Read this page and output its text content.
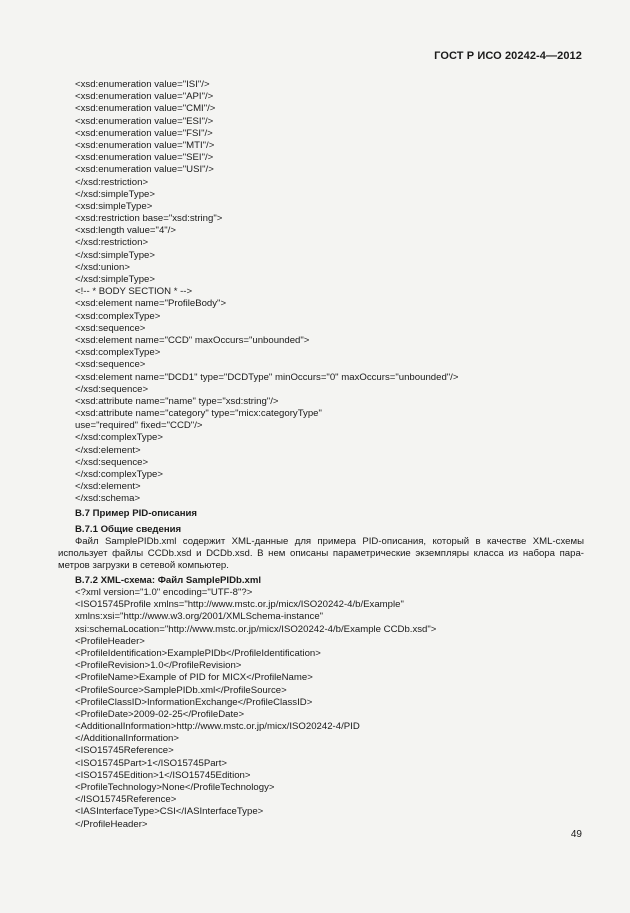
ГОСТ Р ИСО 20242-4—2012
<xsd:enumeration value="ISI"/>
<xsd:enumeration value="API"/>
<xsd:enumeration value="CMI"/>
<xsd:enumeration value="ESI"/>
<xsd:enumeration value="FSI"/>
<xsd:enumeration value="MTI"/>
<xsd:enumeration value="SEI"/>
<xsd:enumeration value="USI"/>
</xsd:restriction>
</xsd:simpleType>
<xsd:simpleType>
<xsd:restriction base="xsd:string">
<xsd:length value="4"/>
</xsd:restriction>
</xsd:simpleType>
</xsd:union>
</xsd:simpleType>
<!-- * BODY SECTION * -->
<xsd:element name="ProfileBody">
<xsd:complexType>
<xsd:sequence>
<xsd:element name="CCD" maxOccurs="unbounded">
<xsd:complexType>
<xsd:sequence>
<xsd:element name="DCD1" type="DCDType" minOccurs="0" maxOccurs="unbounded"/>
</xsd:sequence>
<xsd:attribute name="name" type="xsd:string"/>
<xsd:attribute name="category" type="micx:categoryType"
use="required" fixed="CCD"/>
</xsd:complexType>
</xsd:element>
</xsd:sequence>
</xsd:complexType>
</xsd:element>
</xsd:schema>
B.7 Пример PID-описания
B.7.1 Общие сведения
Файл SamplePIDb.xml содержит XML-данные для примера PID-описания, который в качестве XML-схемы
использует файлы CCDb.xsd и DCDb.xsd. В нем описаны параметрические экземпляры класса из набора пара-
метров загрузки в сетевой компьютер.
B.7.2 XML-схема: Файл SamplePIDb.xml
<?xml version="1.0" encoding="UTF-8"?>
<ISO15745Profile xmlns="http://www.mstc.or.jp/micx/ISO20242-4/b/Example"
xmlns:xsi="http://www.w3.org/2001/XMLSchema-instance"
xsi:schemaLocation="http://www.mstc.or.jp/micx/ISO20242-4/b/Example CCDb.xsd">
<ProfileHeader>
<ProfileIdentification>ExamplePIDb</ProfileIdentification>
<ProfileRevision>1.0</ProfileRevision>
<ProfileName>Example of PID for MICX</ProfileName>
<ProfileSource>SamplePIDb.xml</ProfileSource>
<ProfileClassID>InformationExchange</ProfileClassID>
<ProfileDate>2009-02-25</ProfileDate>
<AdditionalInformation>http://www.mstc.or.jp/micx/ISO20242-4/PID
</AdditionalInformation>
<ISO15745Reference>
<ISO15745Part>1</ISO15745Part>
<ISO15745Edition>1</ISO15745Edition>
<ProfileTechnology>None</ProfileTechnology>
</ISO15745Reference>
<IASInterfaceType>CSI</IASInterfaceType>
</ProfileHeader>
49
